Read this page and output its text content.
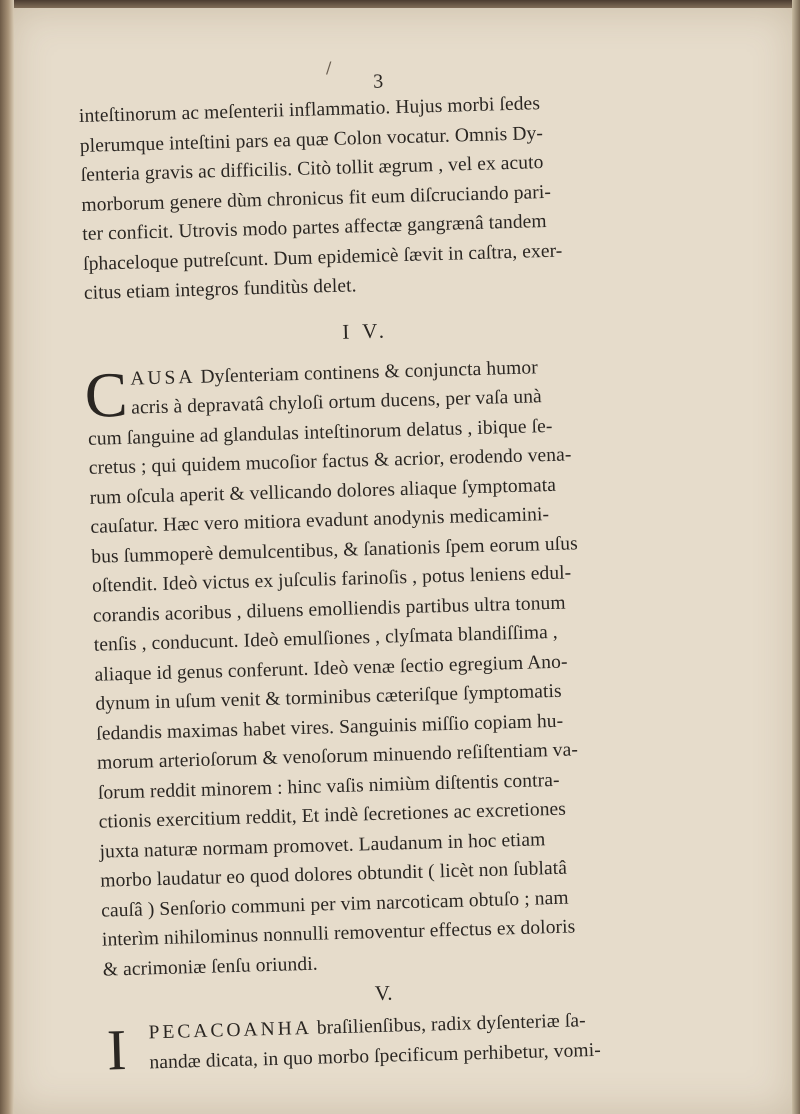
/
3
inteſtinorum ac meſenterii inflammatio. Hujus morbi ſedes
plerumque inteſtini pars ea quæ Colon vocatur. Omnis Dy-
ſenteria gravis ac difficilis. Citò tollit ægrum , vel ex acuto
morborum genere dùm chronicus fit eum diſcruciando pari-
ter conficit. Utrovis modo partes affectæ gangrænâ tandem
ſphaceloque putreſcunt. Dum epidemicè ſævit in caſtra, exer-
citus etiam integros funditùs delet.
I V.
C AUSA Dyſenteriam continens & conjuncta humor
acris à depravatâ chyloſi ortum ducens, per vaſa unà
cum ſanguine ad glandulas inteſtinorum delatus , ibique ſe-
cretus ; qui quidem mucoſior factus & acrior, erodendo vena-
rum oſcula aperit & vellicando dolores aliaque ſymptomata
cauſatur. Hæc vero mitiora evadunt anodynis medicamini-
bus ſummoperè demulcentibus, & ſanationis ſpem eorum uſus
oſtendit. Ideò victus ex juſculis farinoſis , potus leniens edul-
corandis acoribus , diluens emolliendis partibus ultra tonum
tenſis , conducunt. Ideò emulſiones , clyſmata blandiſſima ,
aliaque id genus conferunt. Ideò venæ ſectio egregium Ano-
dynum in uſum venit & torminibus cæteriſque ſymptomatis
ſedandis maximas habet vires. Sanguinis miſſio copiam hu-
morum arterioſorum & venoſorum minuendo reſiſtentiam va-
ſorum reddit minorem : hinc vaſis nimiùm diſtentis contra-
ctionis exercitium reddit, Et indè ſecretiones ac excretiones
juxta naturæ normam promovet. Laudanum in hoc etiam
morbo laudatur eo quod dolores obtundit ( licèt non ſublatâ
cauſâ ) Senſorio communi per vim narcoticam obtuſo ; nam
interìm nihilominus nonnulli removentur effectus ex doloris
& acrimoniæ ſenſu oriundi.
V.
I PECACOANHA braſilienſibus, radix dyſenteriæ ſa-
nandæ dicata, in quo morbo ſpecificum perhibetur, vomi-
